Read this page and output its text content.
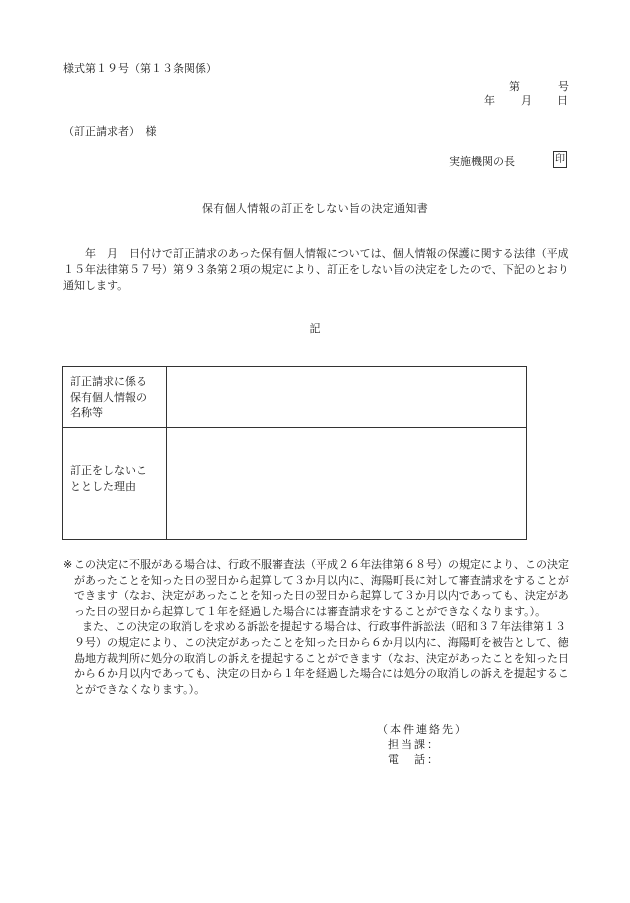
様式第１９号（第１３条関係）
第	号
年 月 日
（訂正請求者）　様
実施機関の長	印
保有個人情報の訂正をしない旨の決定通知書

　　年　月　日付けで訂正請求のあった保有個人情報については、個人情報の保護に関する法律（平成１５年法律第５７号）第９３条第２項の規定により、訂正をしない旨の決定をしたので、下記のとおり通知します。

記
訂正請求に係る
保有個人情報の
名称等	

訂正をしないこ
ととした理由	

※ この決定に不服がある場合は、行政不服審査法（平成２６年法律第６８号）の規定により、この決定があったことを知った日の翌日から起算して３か月以内に、海陽町長に対して審査請求をすることができます（なお、決定があったことを知った日の翌日から起算して３か月以内であっても、決定があった日の翌日から起算して１年を経過した場合には審査請求をすることができなくなります。）。

また、この決定の取消しを求める訴訟を提起する場合は、行政事件訴訟法（昭和３７年法律第１３９号）の規定により、この決定があったことを知った日から６か月以内に、海陽町を被告として、徳島地方裁判所に処分の取消しの訴えを提起することができます（なお、決定があったことを知った日から６か月以内であっても、決定の日から１年を経過した場合には処分の取消しの訴えを提起することができなくなります。）。

（本件連絡先）
担当課：
電　話：
